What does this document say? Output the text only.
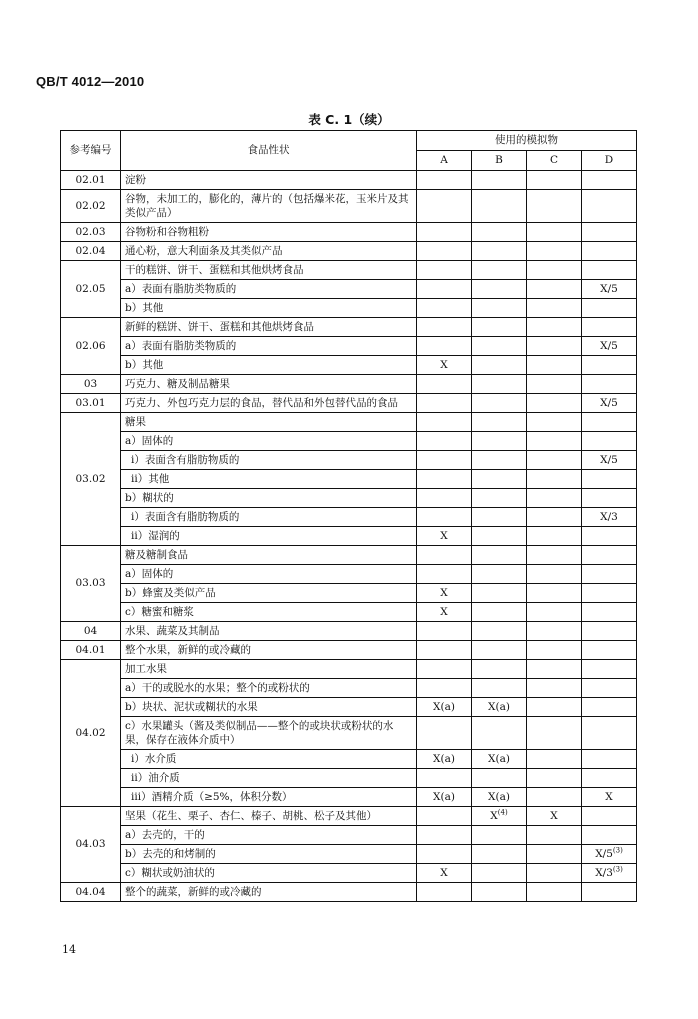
QB/T 4012—2010
表 C. 1（续）
参考编号	食品性状	使用的模拟物			
		A	B	C	D
02.01	淀粉				
02.02	谷物，未加工的，膨化的，薄片的（包括爆米花，玉米片及其类似产品）				
02.03	谷物粉和谷物粗粉				
02.04	通心粉，意大利面条及其类似产品				
02.05	干的糕饼、饼干、蛋糕和其他烘烤食品				
	a）表面有脂肪类物质的				X/5
	b）其他				
02.06	新鲜的糕饼、饼干、蛋糕和其他烘烤食品				
	a）表面有脂肪类物质的				X/5
	b）其他	X			
03	巧克力、糖及制品糖果				
03.01	巧克力、外包巧克力层的食品，替代品和外包替代品的食品				X/5
03.02	糖果				
	a）固体的				
	i）表面含有脂肪物质的				X/5
	ii）其他				
	b）糊状的				
	i）表面含有脂肪物质的				X/3
	ii）湿润的	X			
03.03	糖及糖制食品				
	a）固体的				
	b）蜂蜜及类似产品	X			
	c）糖蜜和糖浆	X			
04	水果、蔬菜及其制品				
04.01	整个水果，新鲜的或冷藏的				
04.02	加工水果				
	a）干的或脱水的水果；整个的或粉状的				
	b）块状、泥状或糊状的水果	X(a)	X(a)		
	c）水果罐头（酱及类似制品——整个的或块状或粉状的水果，保存在液体介质中）				
	i）水介质	X(a)	X(a)		
	ii）油介质				
	iii）酒精介质（≥5%，体积分数）	X(a)	X(a)		X
04.03	坚果（花生、栗子、杏仁、榛子、胡桃、松子及其他）		$X^{(4)}$	X	
	a）去壳的，干的				
	b）去壳的和烤制的				X/5$^{(3)}$
	c）糊状或奶油状的	X			X/3$^{(3)}$
04.04	整个的蔬菜，新鲜的或冷藏的				
14
